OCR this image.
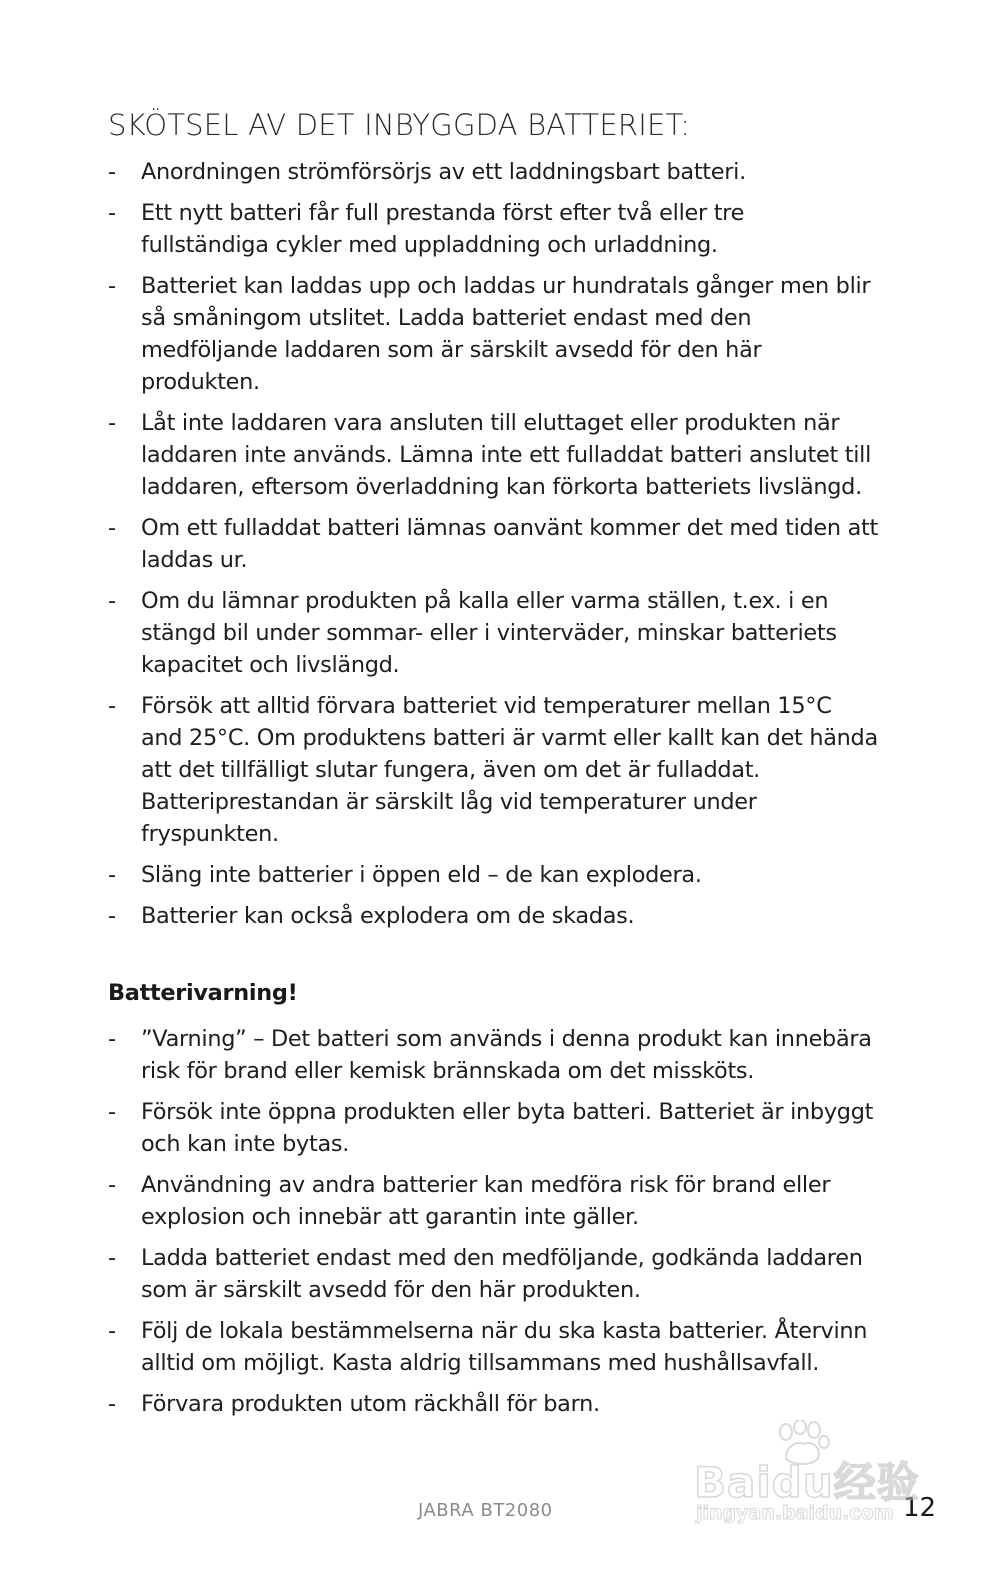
SKÖTSEL AV DET INBYGGDA BATTERIET:
-	Anordningen strömförsörjs av ett laddningsbart batteri.
-	Ett nytt batteri får full prestanda först efter två eller tre fullständiga cykler med uppladdning och urladdning.
-	Batteriet kan laddas upp och laddas ur hundratals gånger men blir så småningom utslitet. Ladda batteriet endast med den medföljande laddaren som är särskilt avsedd för den här produkten.
-	Låt inte laddaren vara ansluten till eluttaget eller produkten när laddaren inte används. Lämna inte ett fulladdat batteri anslutet till laddaren, eftersom överladdning kan förkorta batteriets livslängd.
-	Om ett fulladdat batteri lämnas oanvänt kommer det med tiden att laddas ur.
-	Om du lämnar produkten på kalla eller varma ställen, t.ex. i en stängd bil under sommar- eller i vinterväder, minskar batteriets kapacitet och livslängd.
-	Försök att alltid förvara batteriet vid temperaturer mellan 15°C and 25°C. Om produktens batteri är varmt eller kallt kan det hända att det tillfälligt slutar fungera, även om det är fulladdat. Batteriprestandan är särskilt låg vid temperaturer under fryspunkten.
-	Släng inte batterier i öppen eld – de kan explodera.
-	Batterier kan också explodera om de skadas.
Batterivarning!
-	”Varning” – Det batteri som används i denna produkt kan innebära risk för brand eller kemisk brännskada om det missköts.
-	Försök inte öppna produkten eller byta batteri. Batteriet är inbyggt och kan inte bytas.
-	Användning av andra batterier kan medföra risk för brand eller explosion och innebär att garantin inte gäller.
-	Ladda batteriet endast med den medföljande, godkända laddaren som är särskilt avsedd för den här produkten.
-	Följ de lokala bestämmelserna när du ska kasta batterier. Återvinn alltid om möjligt. Kasta aldrig tillsammans med hushållsavfall.
-	Förvara produkten utom räckhåll för barn.
JABRA BT2080	12
Baidu经验
jingyan.baidu.com
